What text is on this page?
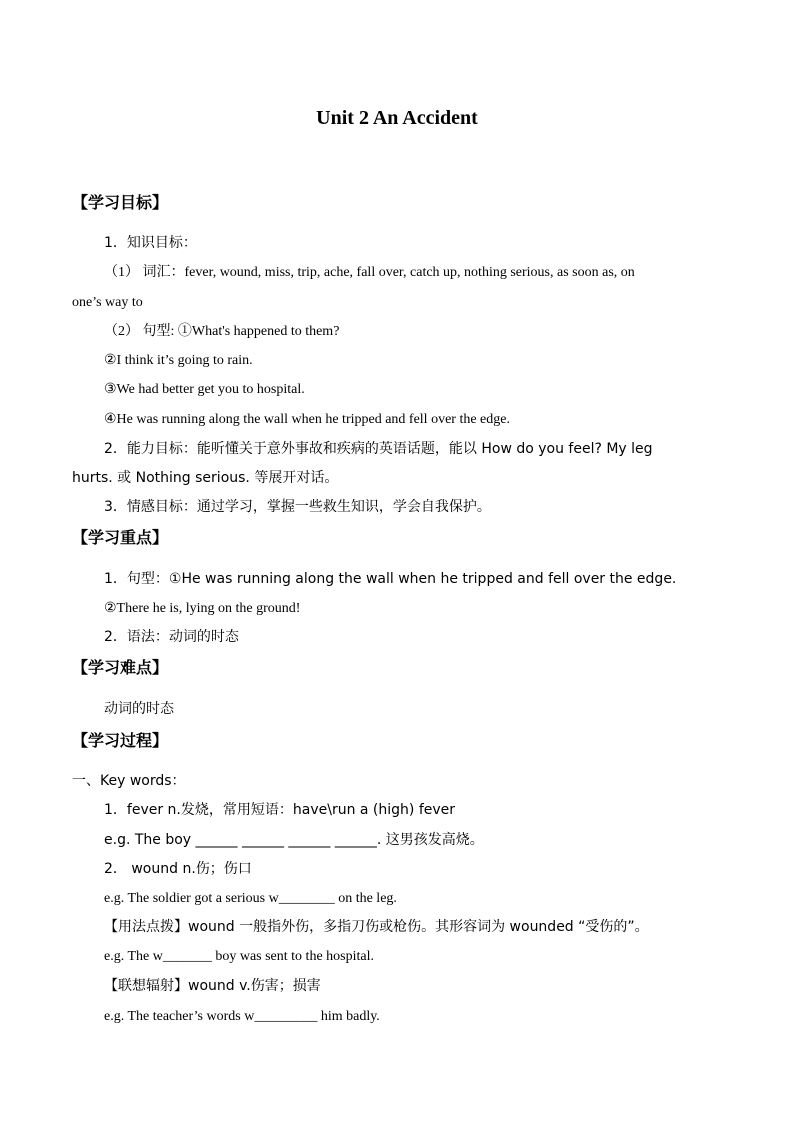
Unit 2 An Accident
【学习目标】
1．知识目标：
（1） 词汇：fever, wound, miss, trip, ache, fall over, catch up, nothing serious, as soon as, on
one’s way to
（2） 句型: ①What's happened to them?
②I think it’s going to rain.
③We had better get you to hospital.
④He was running along the wall when he tripped and fell over the edge.
2．能力目标：能听懂关于意外事故和疾病的英语话题，能以 How do you feel? My leg
hurts. 或 Nothing serious. 等展开对话。
3．情感目标：通过学习，掌握一些救生知识，学会自我保护。
【学习重点】
1．句型：①He was running along the wall when he tripped and fell over the edge.
②There he is, lying on the ground!
2．语法：动词的时态
【学习难点】
动词的时态
【学习过程】
一、Key words：
1．fever n.发烧，常用短语：have\run a (high) fever
e.g. The boy ______ ______ ______ ______. 这男孩发高烧。
2． wound n.伤；伤口
e.g. The soldier got a serious w________ on the leg.
【用法点拨】wound 一般指外伤，多指刀伤或枪伤。其形容词为 wounded “受伤的”。
e.g. The w_______ boy was sent to the hospital.
【联想辐射】wound v.伤害；损害
e.g. The teacher’s words w_________ him badly.
